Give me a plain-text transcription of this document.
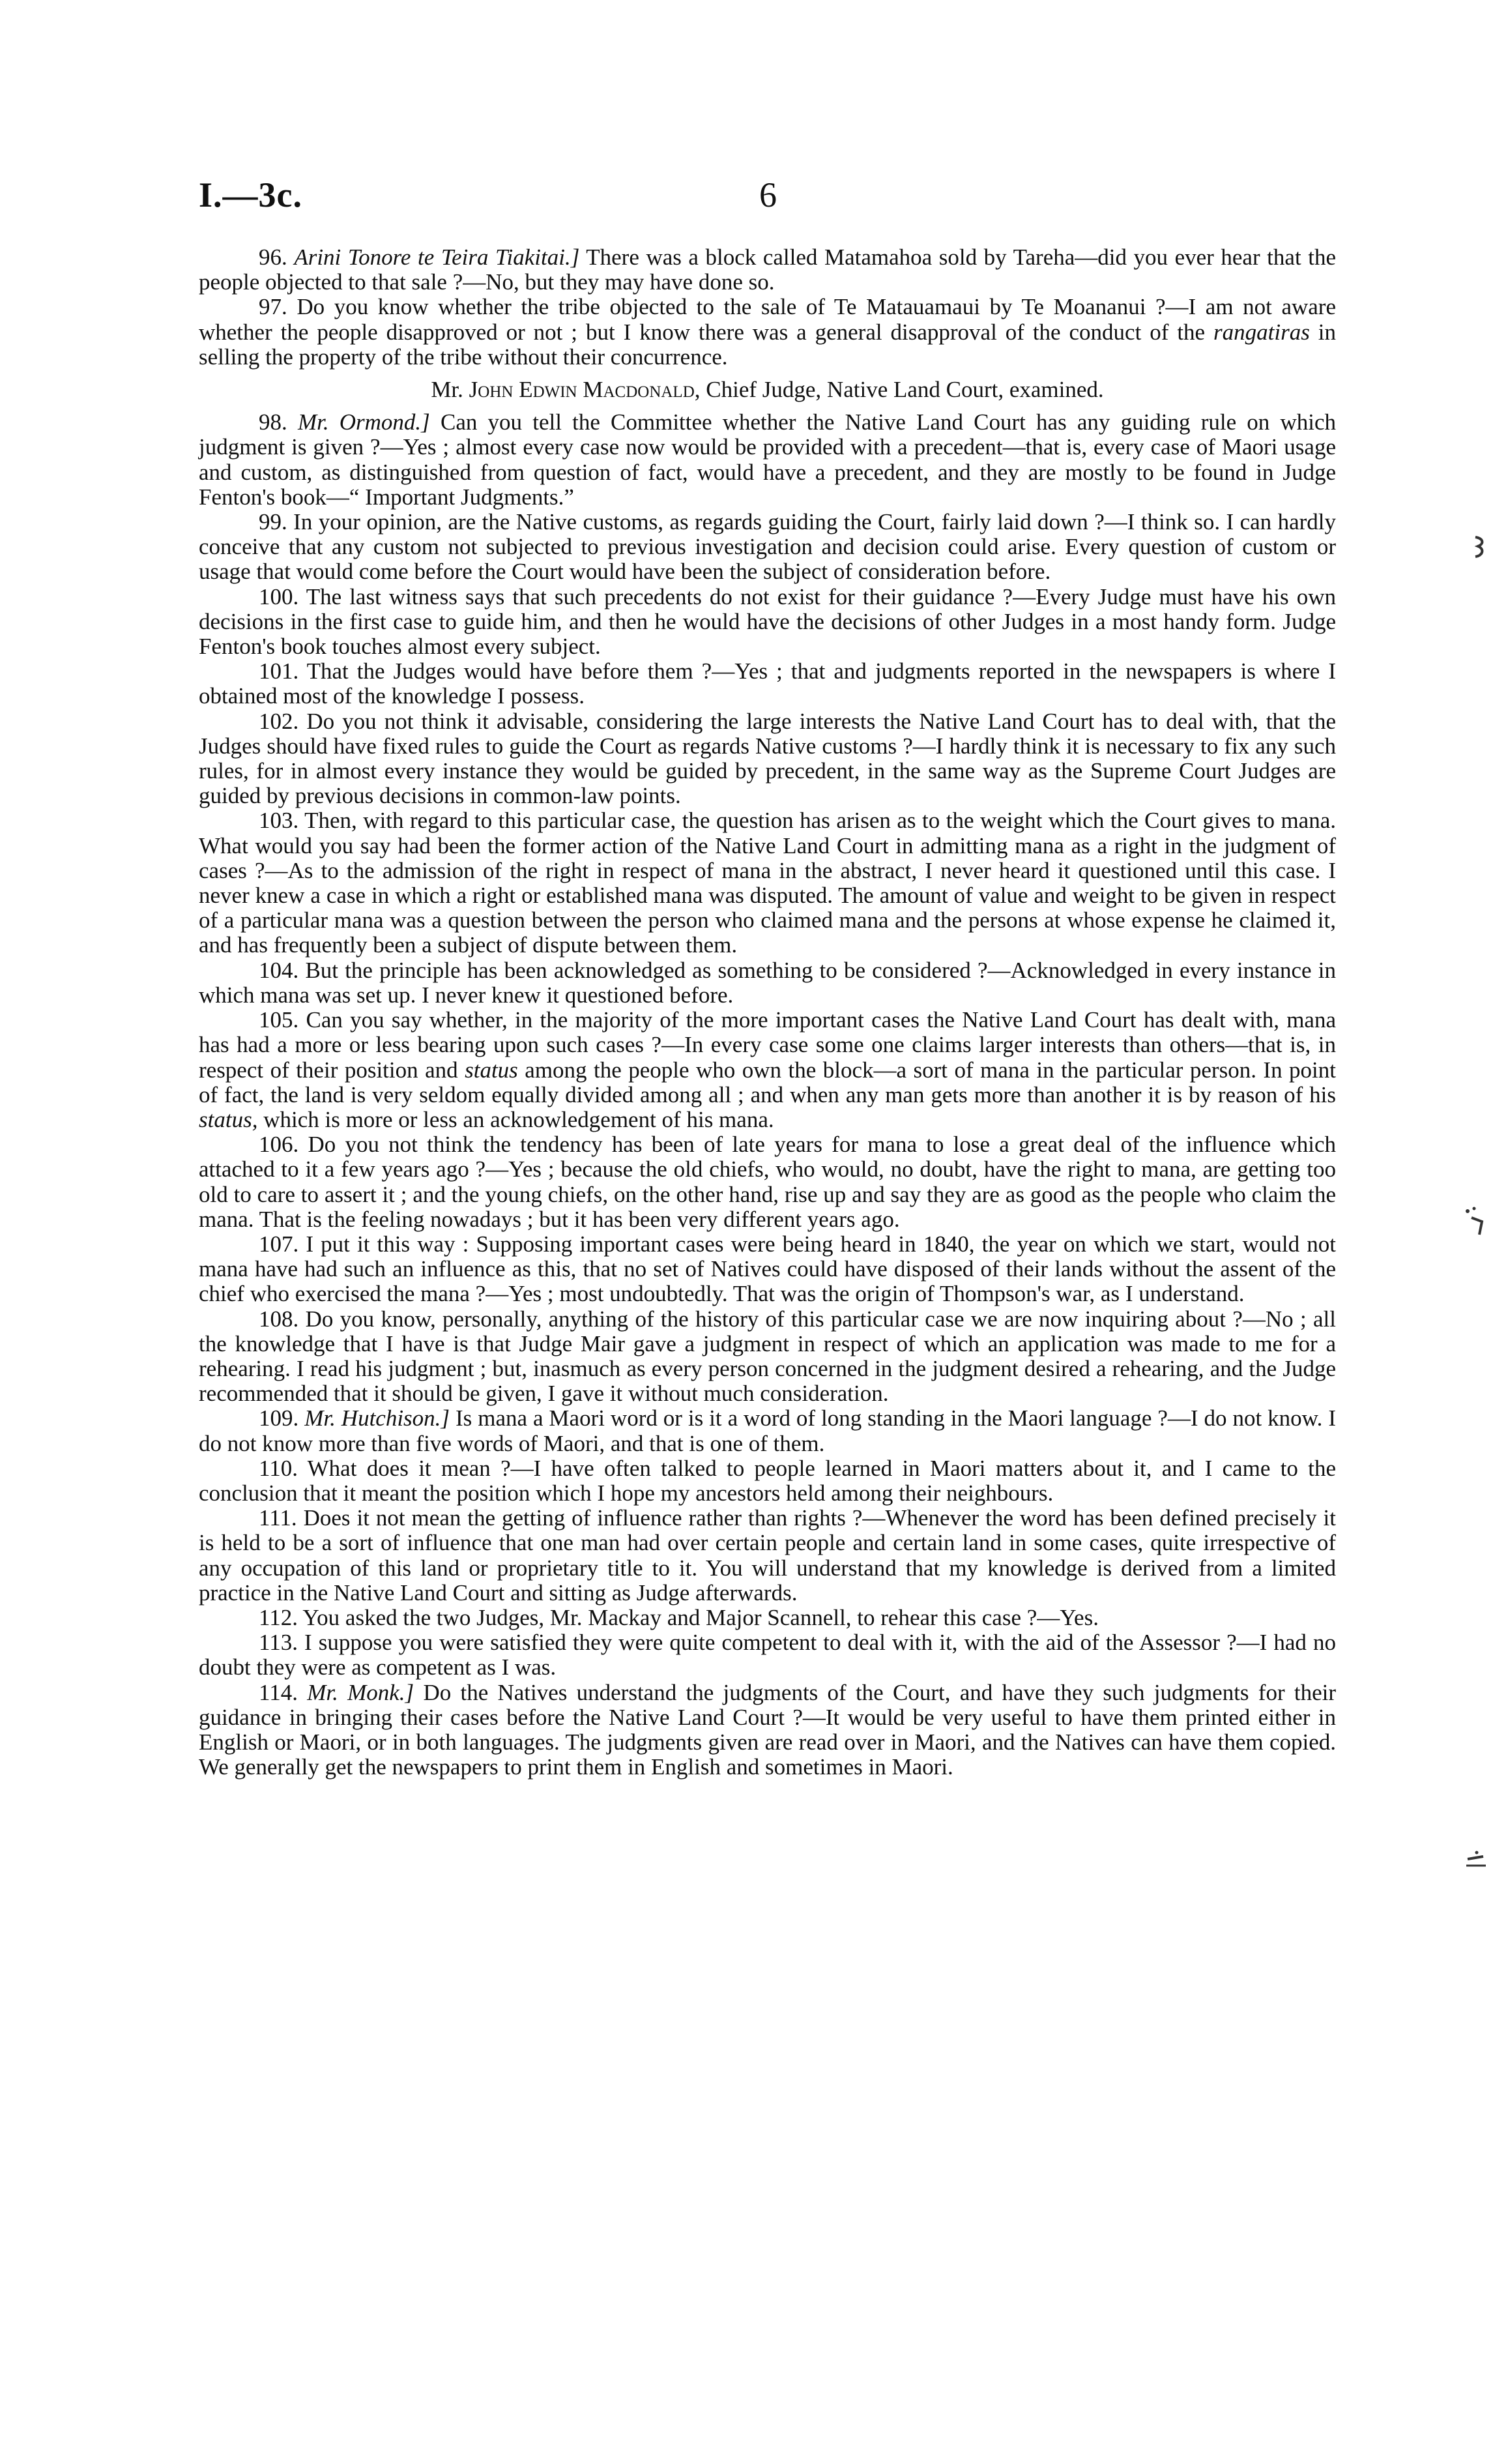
I.—3c.	6

96. Arini Tonore te Teira Tiakitai.] There was a block called Matamahoa sold by Tareha—did you ever hear that the people objected to that sale ?—No, but they may have done so.

97. Do you know whether the tribe objected to the sale of Te Matauamaui by Te Moananui ?—I am not aware whether the people disapproved or not ; but I know there was a general disapproval of the conduct of the rangatiras in selling the property of the tribe without their concurrence.

Mr. John Edwin Macdonald, Chief Judge, Native Land Court, examined.

98. Mr. Ormond.] Can you tell the Committee whether the Native Land Court has any guiding rule on which judgment is given ?—Yes ; almost every case now would be provided with a precedent—that is, every case of Maori usage and custom, as distinguished from question of fact, would have a precedent, and they are mostly to be found in Judge Fenton's book—“ Important Judgments.”

99. In your opinion, are the Native customs, as regards guiding the Court, fairly laid down ?—I think so. I can hardly conceive that any custom not subjected to previous investigation and decision could arise. Every question of custom or usage that would come before the Court would have been the subject of consideration before.

100. The last witness says that such precedents do not exist for their guidance ?—Every Judge must have his own decisions in the first case to guide him, and then he would have the decisions of other Judges in a most handy form. Judge Fenton's book touches almost every subject.

101. That the Judges would have before them ?—Yes ; that and judgments reported in the newspapers is where I obtained most of the knowledge I possess.

102. Do you not think it advisable, considering the large interests the Native Land Court has to deal with, that the Judges should have fixed rules to guide the Court as regards Native customs ?—I hardly think it is necessary to fix any such rules, for in almost every instance they would be guided by precedent, in the same way as the Supreme Court Judges are guided by previous decisions in common-law points.

103. Then, with regard to this particular case, the question has arisen as to the weight which the Court gives to mana. What would you say had been the former action of the Native Land Court in admitting mana as a right in the judgment of cases ?—As to the admission of the right in respect of mana in the abstract, I never heard it questioned until this case. I never knew a case in which a right or established mana was disputed. The amount of value and weight to be given in respect of a particular mana was a question between the person who claimed mana and the persons at whose expense he claimed it, and has frequently been a subject of dispute between them.

104. But the principle has been acknowledged as something to be considered ?—Acknowledged in every instance in which mana was set up. I never knew it questioned before.

105. Can you say whether, in the majority of the more important cases the Native Land Court has dealt with, mana has had a more or less bearing upon such cases ?—In every case some one claims larger interests than others—that is, in respect of their position and status among the people who own the block—a sort of mana in the particular person. In point of fact, the land is very seldom equally divided among all ; and when any man gets more than another it is by reason of his status, which is more or less an acknowledgement of his mana.

106. Do you not think the tendency has been of late years for mana to lose a great deal of the influence which attached to it a few years ago ?—Yes ; because the old chiefs, who would, no doubt, have the right to mana, are getting too old to care to assert it ; and the young chiefs, on the other hand, rise up and say they are as good as the people who claim the mana. That is the feeling nowadays ; but it has been very different years ago.

107. I put it this way : Supposing important cases were being heard in 1840, the year on which we start, would not mana have had such an influence as this, that no set of Natives could have disposed of their lands without the assent of the chief who exercised the mana ?—Yes ; most undoubtedly. That was the origin of Thompson's war, as I understand.

108. Do you know, personally, anything of the history of this particular case we are now inquiring about ?—No ; all the knowledge that I have is that Judge Mair gave a judgment in respect of which an application was made to me for a rehearing. I read his judgment ; but, inasmuch as every person concerned in the judgment desired a rehearing, and the Judge recommended that it should be given, I gave it without much consideration.

109. Mr. Hutchison.] Is mana a Maori word or is it a word of long standing in the Maori language ?—I do not know. I do not know more than five words of Maori, and that is one of them.

110. What does it mean ?—I have often talked to people learned in Maori matters about it, and I came to the conclusion that it meant the position which I hope my ancestors held among their neighbours.

111. Does it not mean the getting of influence rather than rights ?—Whenever the word has been defined precisely it is held to be a sort of influence that one man had over certain people and certain land in some cases, quite irrespective of any occupation of this land or proprietary title to it. You will understand that my knowledge is derived from a limited practice in the Native Land Court and sitting as Judge afterwards.

112. You asked the two Judges, Mr. Mackay and Major Scannell, to rehear this case ?—Yes.

113. I suppose you were satisfied they were quite competent to deal with it, with the aid of the Assessor ?—I had no doubt they were as competent as I was.

114. Mr. Monk.] Do the Natives understand the judgments of the Court, and have they such judgments for their guidance in bringing their cases before the Native Land Court ?—It would be very useful to have them printed either in English or Maori, or in both languages. The judgments given are read over in Maori, and the Natives can have them copied. We generally get the newspapers to print them in English and sometimes in Maori.
